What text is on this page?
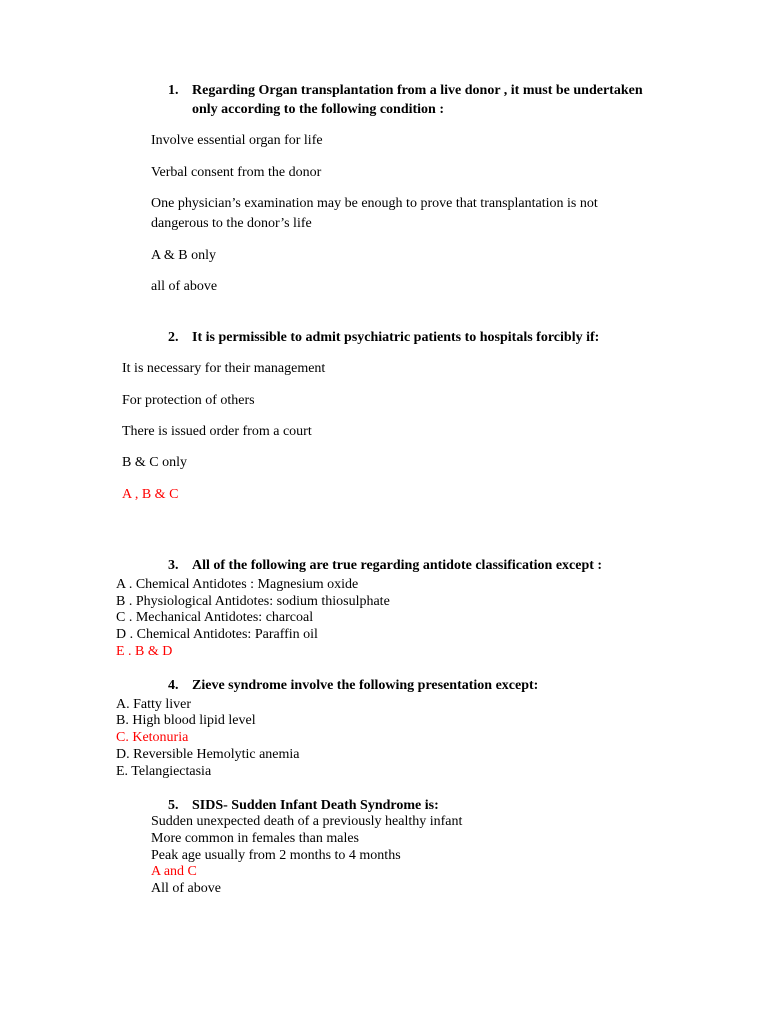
1. Regarding Organ transplantation from a live donor , it must be undertaken
only according to the following condition :
Involve essential organ for life
Verbal consent from the donor
One physician’s examination may be enough to prove that transplantation is not
dangerous to the donor’s life
A & B only
all of above
2. It is permissible to admit psychiatric patients to hospitals forcibly if:
It is necessary for their management
For protection of others
There is issued order from a court
B & C only
A , B & C
3. All of the following are true regarding antidote classification except :
A . Chemical Antidotes : Magnesium oxide
B . Physiological Antidotes: sodium thiosulphate
C . Mechanical Antidotes: charcoal
D . Chemical Antidotes: Paraffin oil
E . B & D
4. Zieve syndrome involve the following presentation except:
A. Fatty liver
B. High blood lipid level
C. Ketonuria
D. Reversible Hemolytic anemia
E. Telangiectasia
5. SIDS- Sudden Infant Death Syndrome is:
Sudden unexpected death of a previously healthy infant
More common in females than males
Peak age usually from 2 months to 4 months
A and C
All of above
